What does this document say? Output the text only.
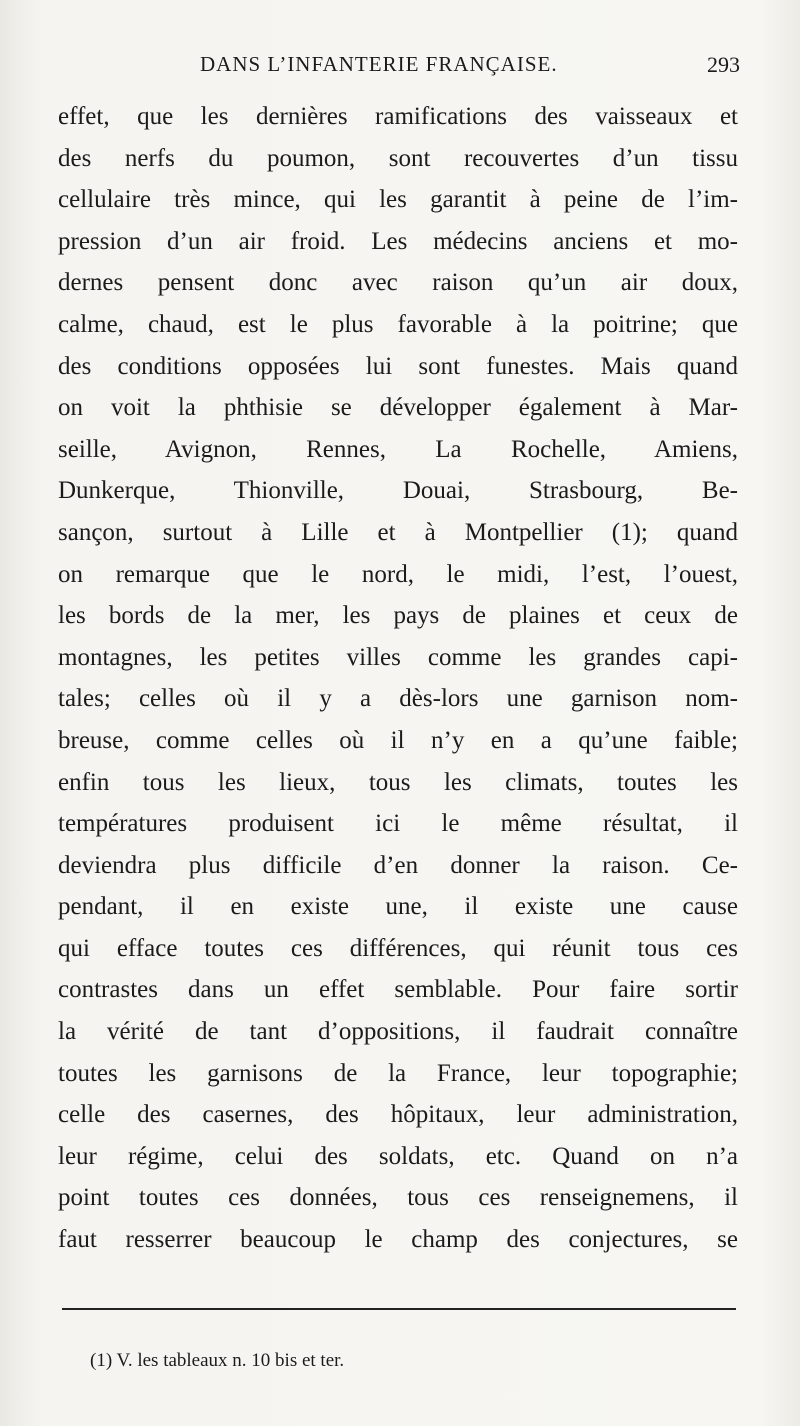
DANS L’INFANTERIE FRANÇAISE.	293
effet, que les dernières ramifications des vaisseaux et
des nerfs du poumon, sont recouvertes d’un tissu
cellulaire très mince, qui les garantit à peine de l’im-
pression d’un air froid. Les médecins anciens et mo-
dernes pensent donc avec raison qu’un air doux,
calme, chaud, est le plus favorable à la poitrine; que
des conditions opposées lui sont funestes. Mais quand
on voit la phthisie se développer également à Mar-
seille, Avignon, Rennes, La Rochelle, Amiens,
Dunkerque, Thionville, Douai, Strasbourg, Be-
sançon, surtout à Lille et à Montpellier (1); quand
on remarque que le nord, le midi, l’est, l’ouest,
les bords de la mer, les pays de plaines et ceux de
montagnes, les petites villes comme les grandes capi-
tales; celles où il y a dès-lors une garnison nom-
breuse, comme celles où il n’y en a qu’une faible;
enfin tous les lieux, tous les climats, toutes les
températures produisent ici le même résultat, il
deviendra plus difficile d’en donner la raison. Ce-
pendant, il en existe une, il existe une cause
qui efface toutes ces différences, qui réunit tous ces
contrastes dans un effet semblable. Pour faire sortir
la vérité de tant d’oppositions, il faudrait connaître
toutes les garnisons de la France, leur topographie;
celle des casernes, des hôpitaux, leur administration,
leur régime, celui des soldats, etc. Quand on n’a
point toutes ces données, tous ces renseignemens, il
faut resserrer beaucoup le champ des conjectures, se
(1) V. les tableaux n. 10 bis et ter.
